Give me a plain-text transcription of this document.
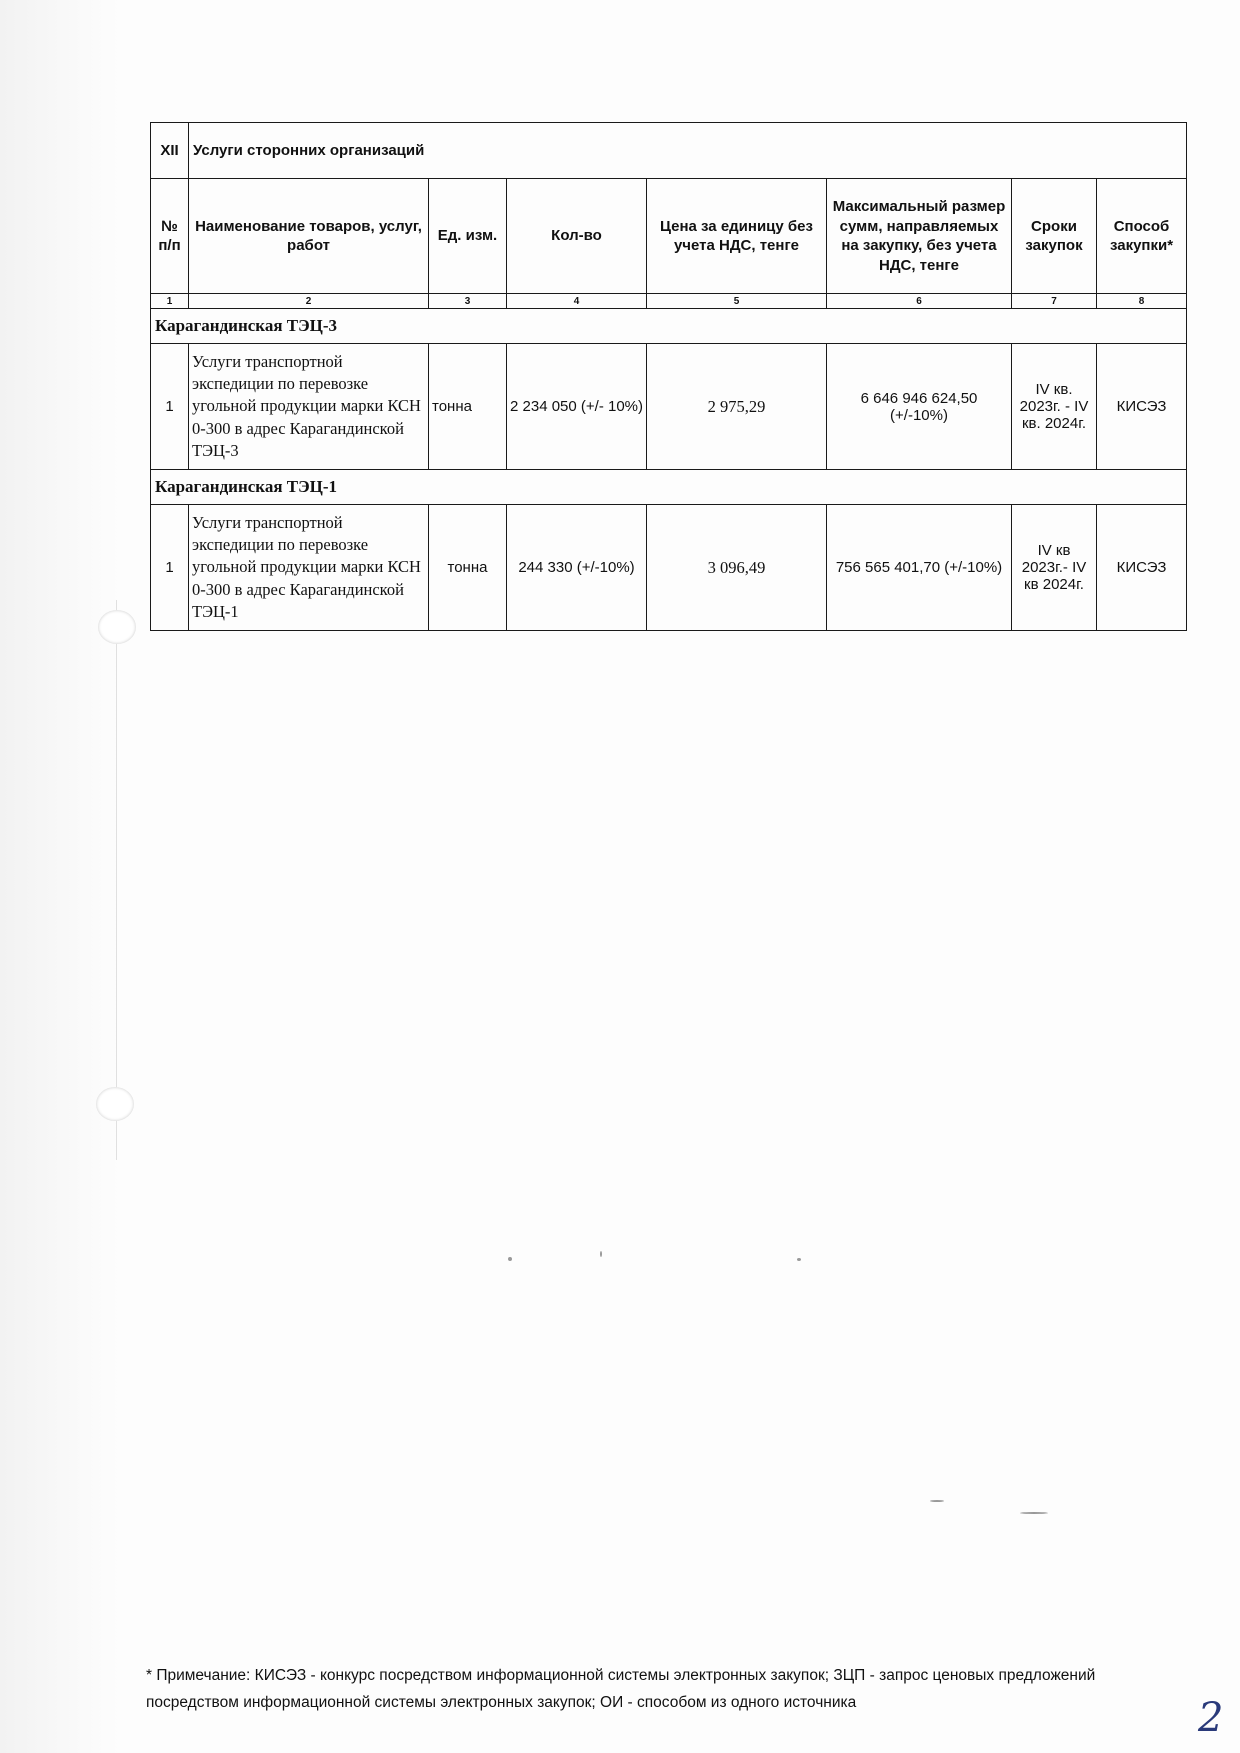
XII	Услуги сторонних организаций						
№ п/п	Наименование товаров, услуг, работ	Ед. изм.	Кол-во	Цена за единицу без учета НДС, тенге	Максимальный размер сумм, направляемых на закупку, без учета НДС, тенге	Сроки закупок	Способ закупки*
1	2	3	4	5	6	7	8
Карагандинская ТЭЦ-3							
1	Услуги транспортной экспедиции по перевозке угольной продукции марки КСН 0-300 в адрес Карагандинской ТЭЦ-3	тонна	2 234 050 (+/- 10%)	2 975,29	6 646 946 624,50 (+/-10%)	IV кв. 2023г. - IV кв. 2024г.	КИСЭЗ
Карагандинская ТЭЦ-1							
1	Услуги транспортной экспедиции по перевозке угольной продукции марки КСН 0-300 в адрес Карагандинской ТЭЦ-1	тонна	244 330 (+/-10%)	3 096,49	756 565 401,70 (+/-10%)	IV кв 2023г.- IV кв 2024г.	КИСЭЗ
* Примечание: КИСЭЗ - конкурс посредством информационной системы электронных закупок; ЗЦП - запрос ценовых предложений посредством информационной системы электронных закупок; ОИ - способом из одного источника	2
